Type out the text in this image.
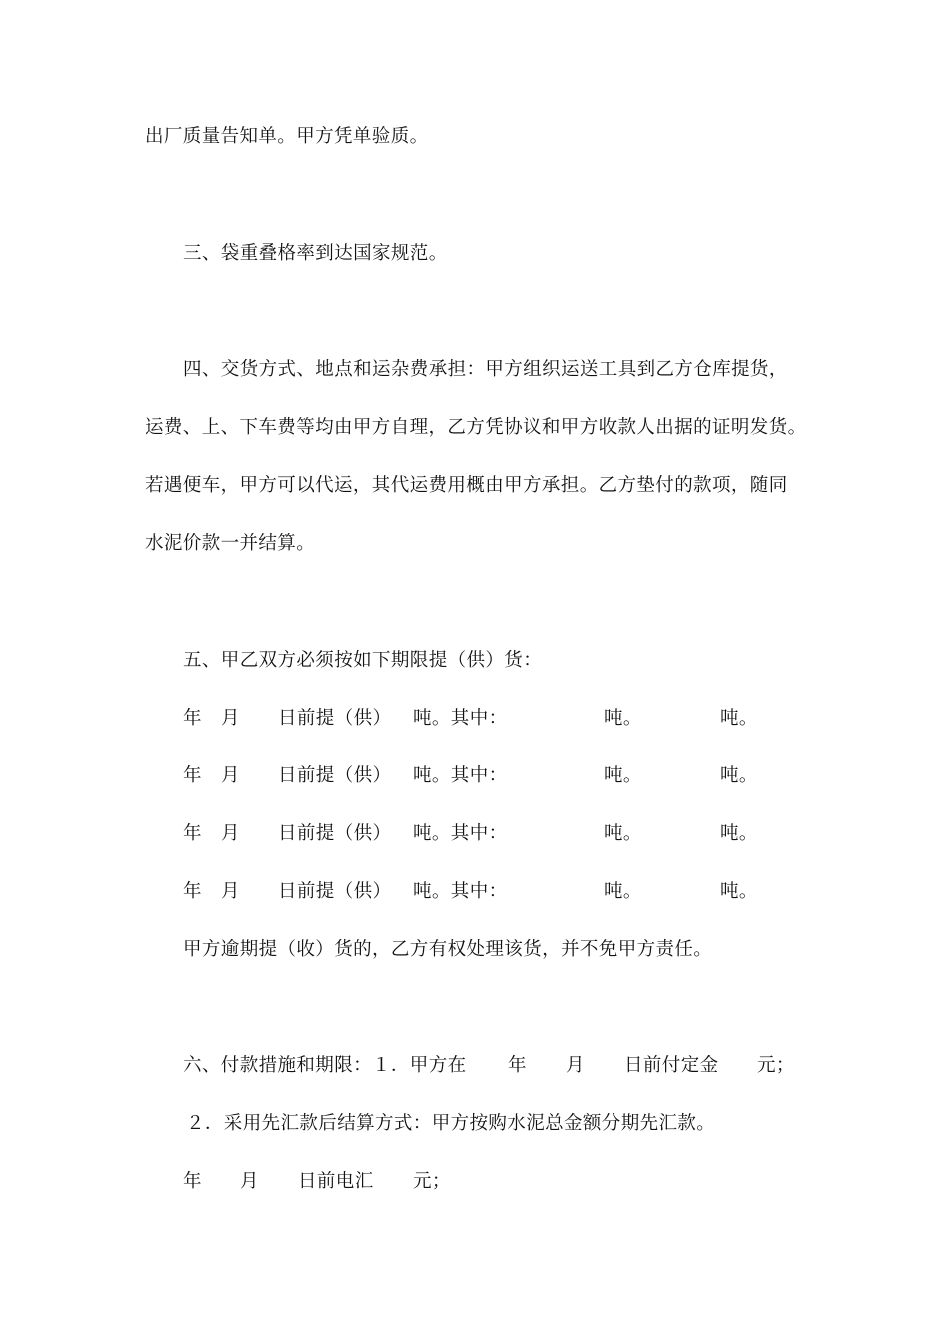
出厂质量告知单。甲方凭单验质。
三、袋重叠格率到达国家规范。
四、交货方式、地点和运杂费承担：甲方组织运送工具到乙方仓库提货，
运费、上、下车费等均由甲方自理，乙方凭协议和甲方收款人出据的证明发货。
若遇便车，甲方可以代运，其代运费用概由甲方承担。乙方垫付的款项，随同
水泥价款一并结算。
五、甲乙双方必须按如下期限提（供）货：
年 月 日前提（供） 吨。其中：	吨。	吨。
年 月 日前提（供） 吨。其中：	吨。	吨。
年 月 日前提（供） 吨。其中：	吨。	吨。
年 月 日前提（供） 吨。其中：	吨。	吨。
甲方逾期提（收）货的，乙方有权处理该货，并不免甲方责任。
六、付款措施和期限：１．甲方在 年 月 日前付定金 元；
２．采用先汇款后结算方式：甲方按购水泥总金额分期先汇款。
年 月 日前电汇 元；
